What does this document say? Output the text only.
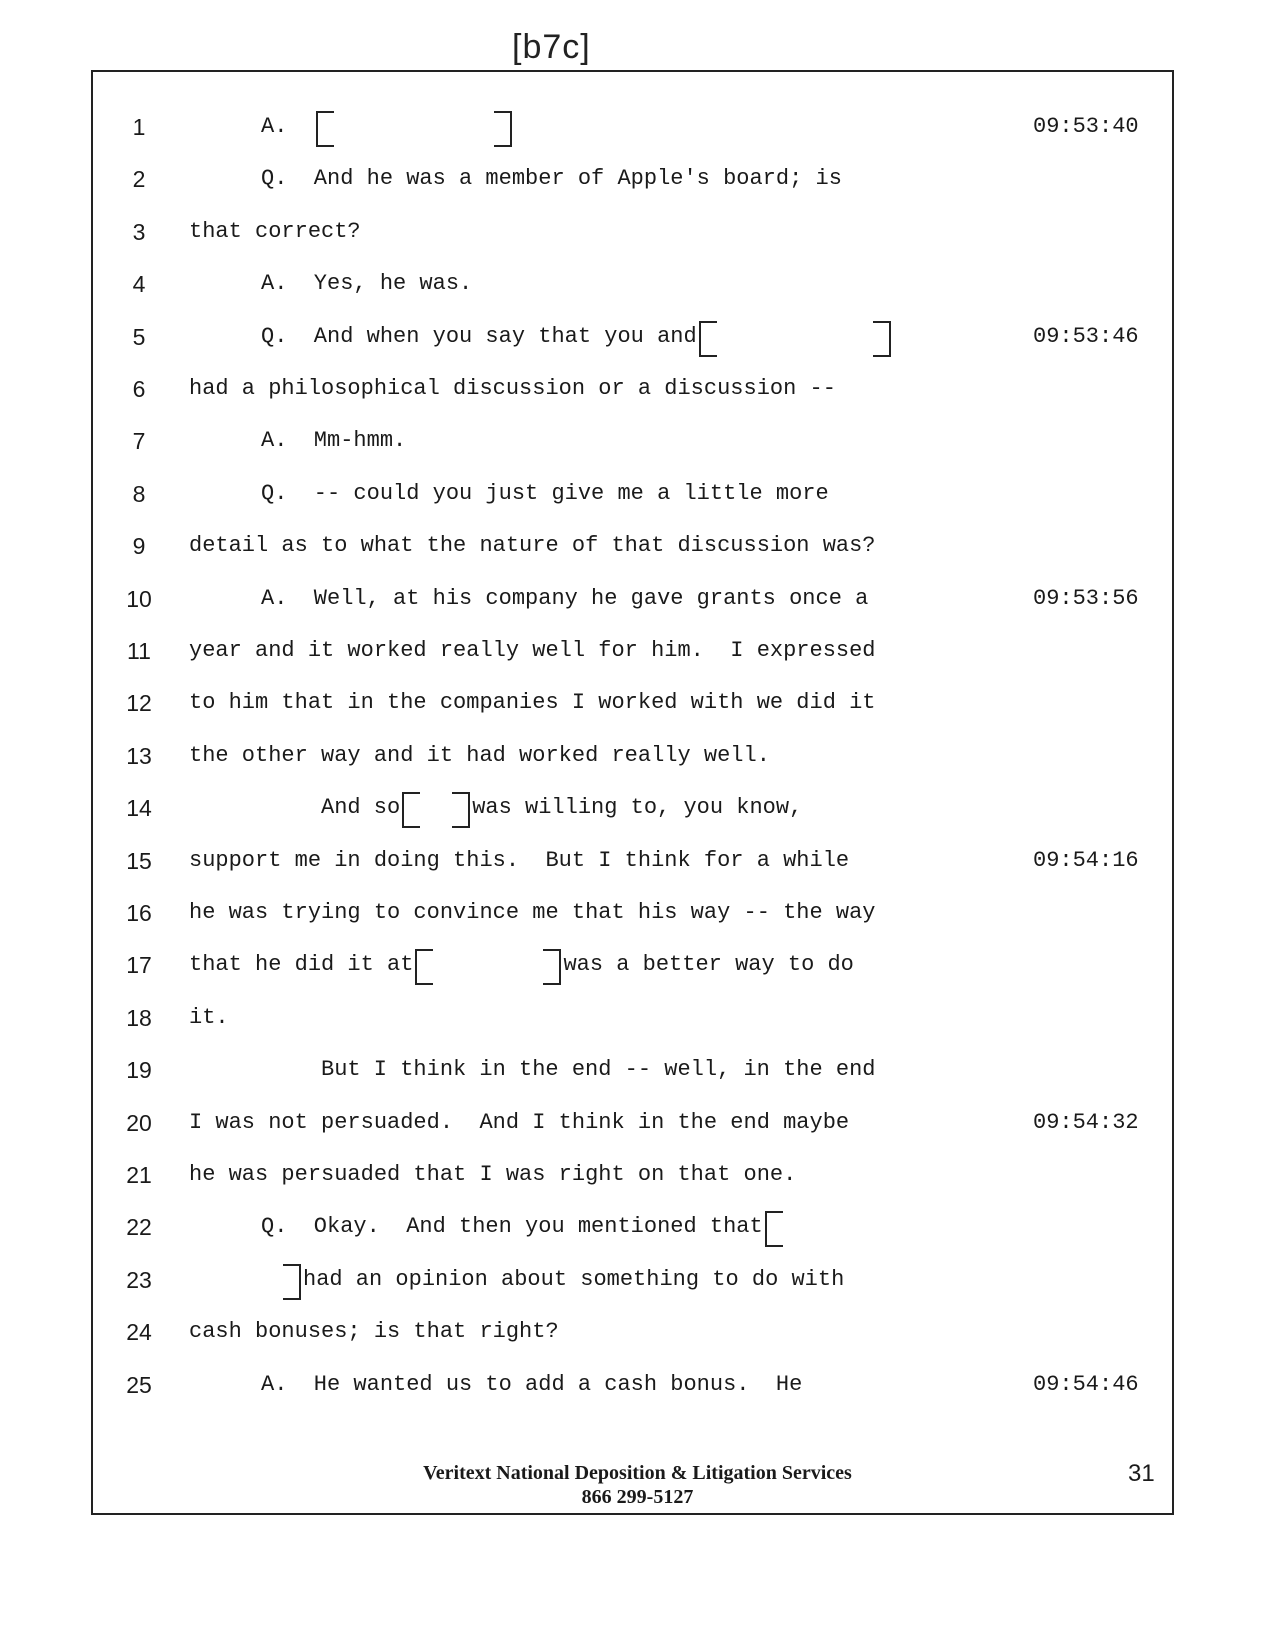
[b7c]
31
1	A.	09:53:40
2	Q.  And he was a member of Apple's board; is
3	that correct?
4	A.  Yes, he was.
5	Q.  And when you say that you and	09:53:46
6	had a philosophical discussion or a discussion --
7	A.  Mm-hmm.
8	Q.  -- could you just give me a little more
9	detail as to what the nature of that discussion was?
10	A.  Well, at his company he gave grants once a	09:53:56
11	year and it worked really well for him.  I expressed
12	to him that in the companies I worked with we did it
13	the other way and it had worked really well.
14	And so	was willing to, you know,
15	support me in doing this.  But I think for a while	09:54:16
16	he was trying to convince me that his way -- the way
17	that he did it at	was a better way to do
18	it.
19	But I think in the end -- well, in the end
20	I was not persuaded.  And I think in the end maybe	09:54:32
21	he was persuaded that I was right on that one.
22	Q.  Okay.  And then you mentioned that
23	had an opinion about something to do with
24	cash bonuses; is that right?
25	A.  He wanted us to add a cash bonus.  He	09:54:46
Veritext National Deposition & Litigation Services
866 299-5127
